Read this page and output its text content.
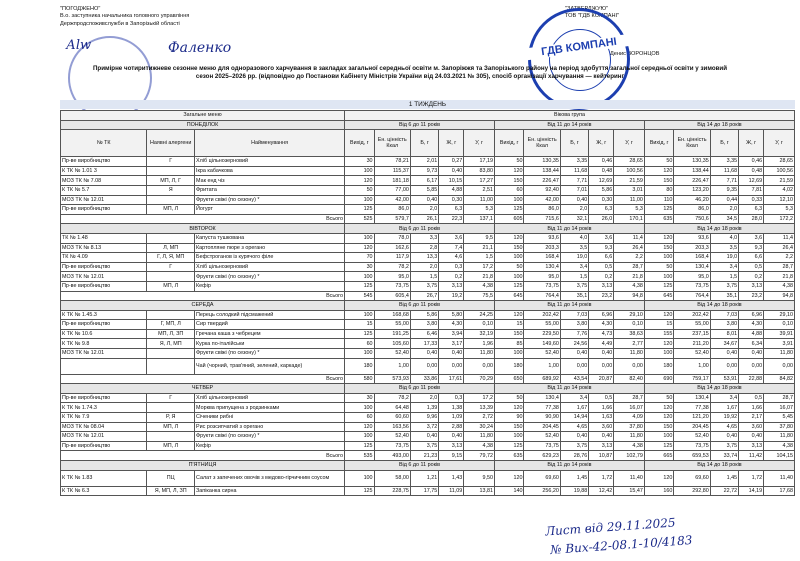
"ПОГОДЖЕНО"
В.о. заступника начальника головного управління
Держпродспоживслужби в Запорізькій області
Аlw	Фаленко
"ЗАТВЕРДЖУЮ"
ТОВ "ГДВ КОМПАНІ"
Денис ВОРОНЦОВ
ГДВ КОМПАНІ
Примірне чотиритижневе сезонне меню для одноразового харчування в закладах загальної середньої освіти м. Запоріжжя та Запорізького району на період здобуття загальної середньої освіти у зимовий
сезон 2025–2026 рр. (відповідно до Постанови Кабінету Міністрів України від 24.03.2021 № 305), спосіб організації харчування — кейтеринг
1 ТИЖДЕНЬ
Загальне меню			Вікова група														
ПОНЕДІЛОК			Від 6 до 11 років					Від 11 до 14 років					Від 14 до 18 років				
№ ТК	Наявні алергени	Найменування	Вихід, г	Ен. цінність Ккал	Б, г	Ж, г	У, г	Вихід, г	Ен. цінність Ккал	Б, г	Ж, г	У, г	Вихід, г	Ен. цінність Ккал	Б, г	Ж, г	У, г
Пр-ве виробництво	Г	Хліб цільнозерновий	30	78,21	2,01	0,27	17,19	50	130,35	3,35	0,46	28,65	50	130,35	3,35	0,46	28,65
К ТК № 1.01 3		Ікра кабачкова	100	115,37	9,73	0,40	83,80	120	138,44	11,68	0,48	100,56	120	138,44	11,68	0,48	100,56
МОЗ ТК № 7.08	МП, Л, Г	Мак енд чіз	120	181,18	6,17	10,15	17,27	150	226,47	7,71	12,69	21,59	150	226,47	7,71	12,69	21,59
К ТК № 5.7	Я	Фритата	50	77,00	5,85	4,88	2,51	60	92,40	7,01	5,86	3,01	80	123,20	9,35	7,81	4,02
МОЗ ТК № 12.01		Фрукти свіжі (по сезону) *	100	42,00	0,40	0,30	11,00	100	42,00	0,40	0,30	11,00	110	46,20	0,44	0,33	12,10
Пр-ве виробництво	МП, Л	Йогурт	125	86,0	2,0	6,3	5,3	125	86,0	2,0	6,3	5,3	125	86,0	2,0	6,3	5,3
Всього			525	579,7	26,1	22,3	137,1	605	715,6	32,1	26,0	170,1	635	750,6	34,5	28,0	172,2
ВІВТОРОК			Від 6 до 11 років					Від 11 до 14 років					Від 14 до 18 років				
ТК № 1.48		Капуста тушкована	100	78,0	3,3	3,6	9,5	120	93,6	4,0	3,6	11,4	120	93,6	4,0	3,6	11,4
МОЗ ТК № 8.13	Л, МП	Картопляне пюре з орегано	120	162,6	2,8	7,4	21,1	150	203,3	3,5	9,3	26,4	150	203,3	3,5	9,3	26,4
ТК № 4.09	Г, Л, Я, МП	Бефстроганов із курячого філе	70	117,9	13,3	4,6	1,5	100	168,4	19,0	6,6	2,2	100	168,4	19,0	6,6	2,2
Пр-ве виробництво	Г	Хліб цільнозерновий	30	78,2	2,0	0,3	17,2	50	130,4	3,4	0,5	28,7	50	130,4	3,4	0,5	28,7
МОЗ ТК № 12.01		Фрукти свіжі (по сезону) *	100	95,0	1,5	0,2	21,8	100	95,0	1,5	0,2	21,8	100	95,0	1,5	0,2	21,8
Пр-ве виробництво	МП, Л	Кефір	125	73,75	3,75	3,13	4,38	125	73,75	3,75	3,13	4,38	125	73,75	3,75	3,13	4,38
Всього			545	605,4	26,7	19,2	75,5	645	764,4	35,1	23,2	94,8	645	764,4	35,1	23,2	94,8
СЕРЕДА			Від 6 до 11 років					Від 11 до 14 років					Від 14 до 18 років				
К ТК № 1.45.3		Перець солодкий підсмажений	100	168,68	5,86	5,80	24,25	120	202,42	7,03	6,96	29,10	120	202,42	7,03	6,96	29,10
Пр-ве виробництво	Г, МП, Л	Сир твердий	15	55,00	3,80	4,30	0,10	15	55,00	3,80	4,30	0,10	15	55,00	3,80	4,30	0,10
К ТК № 10.6	МП, Л, ЗП	Гречана каша з чебрецем	125	191,25	6,46	3,94	32,19	150	229,50	7,76	4,73	38,63	155	237,15	8,01	4,88	39,91
К ТК № 9.8	Я, Л, МП	Курка по-італійськи	60	105,60	17,33	3,17	1,96	85	149,60	24,56	4,49	2,77	120	211,20	34,67	6,34	3,91
МОЗ ТК № 12.01		Фрукти свіжі (по сезону) *	100	52,40	0,40	0,40	11,80	100	52,40	0,40	0,40	11,80	100	52,40	0,40	0,40	11,80
		Чай (чорний, трав'яний, зелений, каркаде)	180	1,00	0,00	0,00	0,00	180	1,00	0,00	0,00	0,00	180	1,00	0,00	0,00	0,00
Всього			580	573,93	33,86	17,61	70,29	650	689,92	43,54	20,87	82,40	690	759,17	53,91	22,88	84,82
ЧЕТВЕР			Від 6 до 11 років					Від 11 до 14 років					Від 14 до 18 років				
Пр-ве виробництво	Г	Хліб цільнозерновий	30	78,2	2,0	0,3	17,2	50	130,4	3,4	0,5	28,7	50	130,4	3,4	0,5	28,7
К ТК № 1.74.3		Морква припущена з родзинками	100	64,48	1,39	1,38	13,39	120	77,38	1,67	1,66	16,07	120	77,38	1,67	1,66	16,07
К ТК № 7.9	Р, Я	Січеники рибні	60	60,60	9,96	1,09	2,72	90	90,90	14,94	1,63	4,09	120	121,20	19,92	2,17	5,45
МОЗ ТК № 08.04	МП, Л	Рис розсипчатий з орегано	120	163,56	3,72	2,88	30,24	150	204,45	4,65	3,60	37,80	150	204,45	4,65	3,60	37,80
МОЗ ТК № 12.01		Фрукти свіжі (по сезону) *	100	52,40	0,40	0,40	11,80	100	52,40	0,40	0,40	11,80	100	52,40	0,40	0,40	11,80
Пр-ве виробництво	МП, Л	Кефір	125	73,75	3,75	3,13	4,38	125	73,75	3,75	3,13	4,38	125	73,75	3,75	3,13	4,38
Всього			535	493,00	21,23	9,15	79,72	635	629,23	28,76	10,87	102,79	665	659,53	33,74	11,42	104,15
П'ЯТНИЦЯ			Від 6 до 11 років					Від 11 до 14 років					Від 14 до 18 років				
К ТК № 1.83	ПЦ	Салат з запечених овочів з медово-гірчичним соусом	100	58,00	1,21	1,43	9,50	120	69,60	1,45	1,72	11,40	120	69,60	1,45	1,72	11,40
К ТК № 6.3	Я, МП, Л, ЗП	Запіканка сирна	125	228,75	17,75	11,09	13,81	140	256,20	19,88	12,42	15,47	160	292,80	22,72	14,19	17,68
Лист від 29.11.2025
№ Вих-42-08.1-10/4183
